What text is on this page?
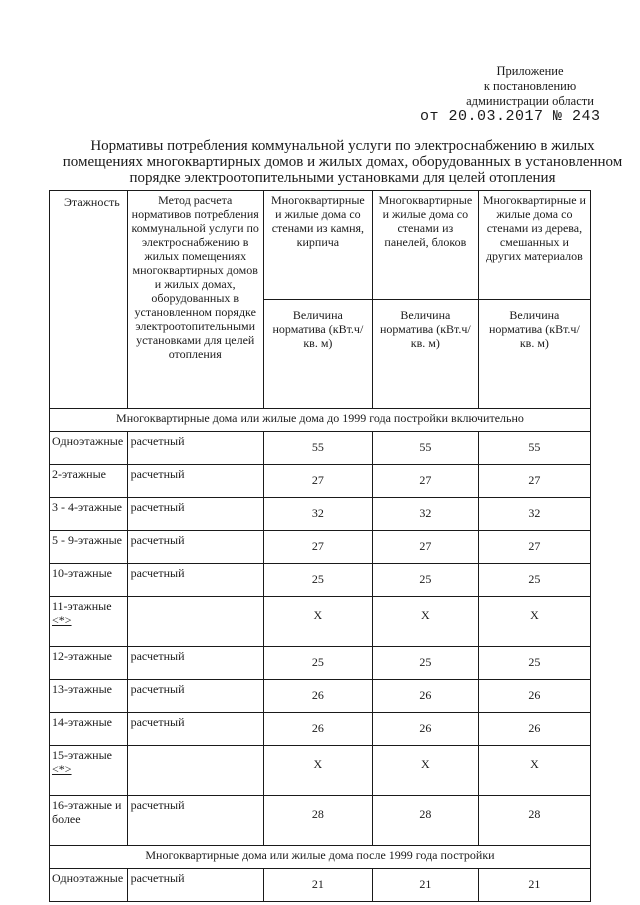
Приложение
к постановлению
администрации области
от 20.03.2017 № 243
Нормативы потребления коммунальной услуги по электроснабжению в жилых помещениях многоквартирных домов и жилых домах, оборудованных в установленном порядке электроотопительными установками для целей отопления
Этажность	Метод расчета нормативов потребления коммунальной услуги по электроснабжению в жилых помещениях многоквартирных домов и жилых домах, оборудованных в установленном порядке электроотопительными установками для целей отопления	Многоквартирные и жилые дома со стенами из камня, кирпича	Многоквартирные и жилые дома со стенами из панелей, блоков	Многоквартирные и жилые дома со стенами из дерева, смешанных и других материалов
		Величина норматива (кВт.ч/кв. м)	Величина норматива (кВт.ч/кв. м)	Величина норматива (кВт.ч/кв. м)
Многоквартирные дома или жилые дома до 1999 года постройки включительно				
Одноэтажные	расчетный	55	55	55
2-этажные	расчетный	27	27	27
3 - 4-этажные	расчетный	32	32	32
5 - 9-этажные	расчетный	27	27	27
10-этажные	расчетный	25	25	25
11-этажные
<*>		X	X	X
12-этажные	расчетный	25	25	25
13-этажные	расчетный	26	26	26
14-этажные	расчетный	26	26	26
15-этажные
<*>		X	X	X
16-этажные и более	расчетный	28	28	28
Многоквартирные дома или жилые дома после 1999 года постройки				
Одноэтажные	расчетный	21	21	21
